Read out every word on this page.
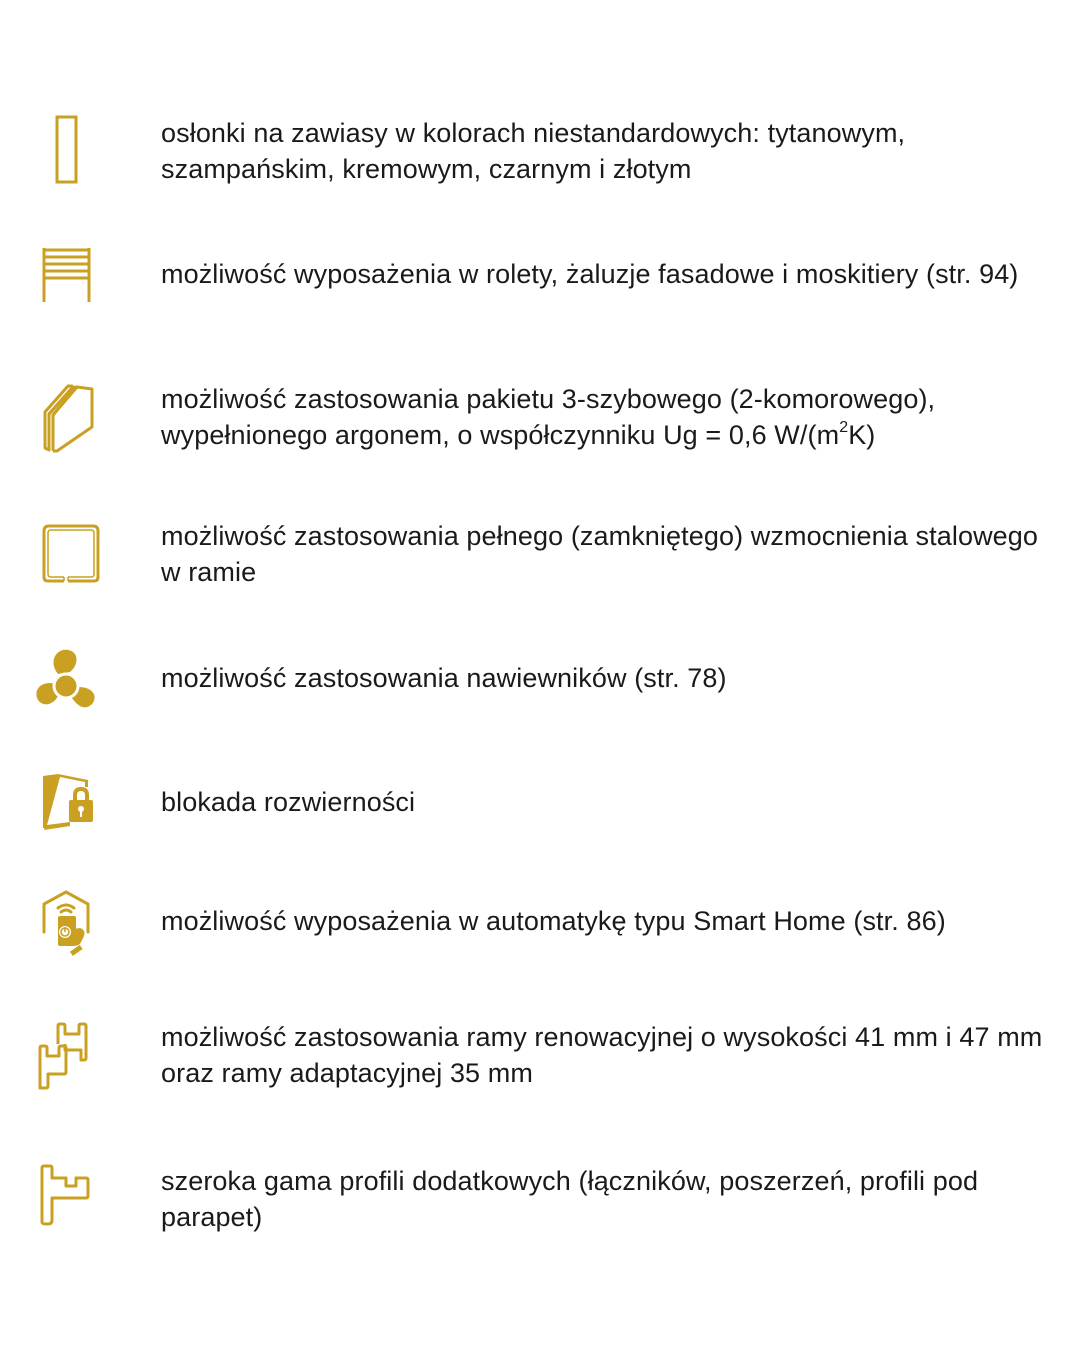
osłonki na zawiasy w kolorach niestandardowych: tytanowym, szampańskim, kremowym, czarnym i złotym
możliwość wyposażenia w rolety, żaluzje fasadowe i moskitiery (str. 94)
możliwość zastosowania pakietu 3-szybowego (2-komorowego), wypełnionego argonem, o współczynniku Ug = 0,6 $W/(m^2K)$
możliwość zastosowania pełnego (zamkniętego) wzmocnienia stalowego w ramie
możliwość zastosowania nawiewników (str. 78)
blokada rozwierności
możliwość wyposażenia w automatykę typu Smart Home (str. 86)
możliwość zastosowania ramy renowacyjnej o wysokości 41 mm i 47 mm oraz ramy adaptacyjnej 35 mm
szeroka gama profili dodatkowych (łączników, poszerzeń, profili pod parapet)
